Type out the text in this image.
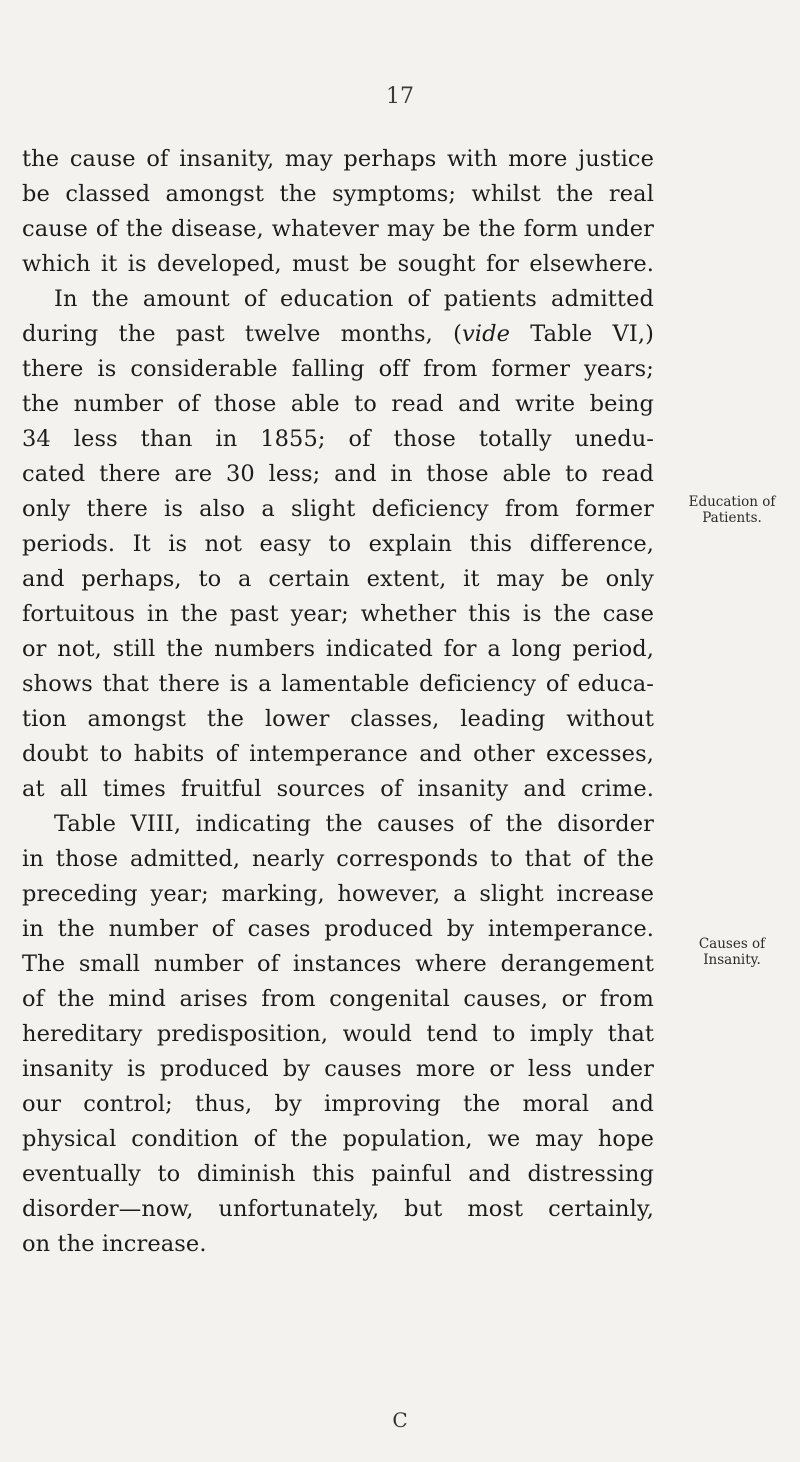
17
the cause of insanity, may perhaps with more justice
be classed amongst the symptoms; whilst the real
cause of the disease, whatever may be the form under
which it is developed, must be sought for elsewhere.
In the amount of education of patients admitted
during the past twelve months, (vide Table VI,)
there is considerable falling off from former years;
the number of those able to read and write being
34 less than in 1855; of those totally unedu-
cated there are 30 less; and in those able to read
only there is also a slight deficiency from former
periods. It is not easy to explain this difference,
and perhaps, to a certain extent, it may be only
fortuitous in the past year; whether this is the case
or not, still the numbers indicated for a long period,
shows that there is a lamentable deficiency of educa-
tion amongst the lower classes, leading without
doubt to habits of intemperance and other excesses,
at all times fruitful sources of insanity and crime.
Table VIII, indicating the causes of the disorder
in those admitted, nearly corresponds to that of the
preceding year; marking, however, a slight increase
in the number of cases produced by intemperance.
The small number of instances where derangement
of the mind arises from congenital causes, or from
hereditary predisposition, would tend to imply that
insanity is produced by causes more or less under
our control; thus, by improving the moral and
physical condition of the population, we may hope
eventually to diminish this painful and distressing
disorder—now, unfortunately, but most certainly,
on the increase.
Education of
Patients.
Causes of
Insanity.
C
